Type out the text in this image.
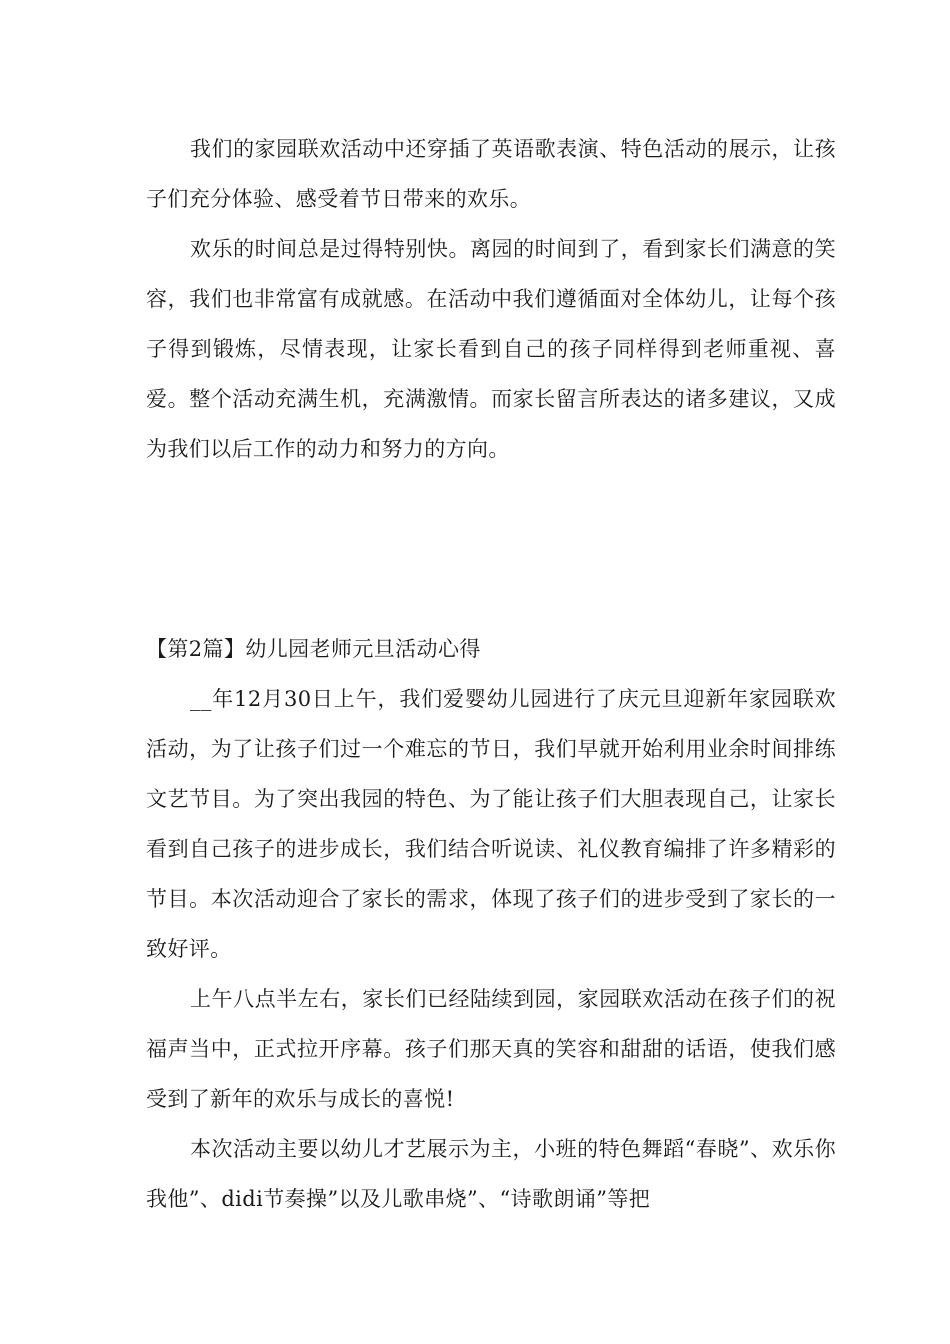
我们的家园联欢活动中还穿插了英语歌表演、特色活动的展示，让孩子们充分体验、感受着节日带来的欢乐。

欢乐的时间总是过得特别快。离园的时间到了，看到家长们满意的笑容，我们也非常富有成就感。在活动中我们遵循面对全体幼儿，让每个孩子得到锻炼，尽情表现，让家长看到自己的孩子同样得到老师重视、喜爱。整个活动充满生机，充满激情。而家长留言所表达的诸多建议，又成为我们以后工作的动力和努力的方向。

【第2篇】幼儿园老师元旦活动心得

__年12月30日上午，我们爱婴幼儿园进行了庆元旦迎新年家园联欢活动，为了让孩子们过一个难忘的节日，我们早就开始利用业余时间排练文艺节目。为了突出我园的特色、为了能让孩子们大胆表现自己，让家长看到自己孩子的进步成长，我们结合听说读、礼仪教育编排了许多精彩的节目。本次活动迎合了家长的需求，体现了孩子们的进步受到了家长的一致好评。

上午八点半左右，家长们已经陆续到园，家园联欢活动在孩子们的祝福声当中，正式拉开序幕。孩子们那天真的笑容和甜甜的话语，使我们感受到了新年的欢乐与成长的喜悦!

本次活动主要以幼儿才艺展示为主，小班的特色舞蹈“春晓”、欢乐你我他”、didi节奏操”以及儿歌串烧”、“诗歌朗诵”等把
